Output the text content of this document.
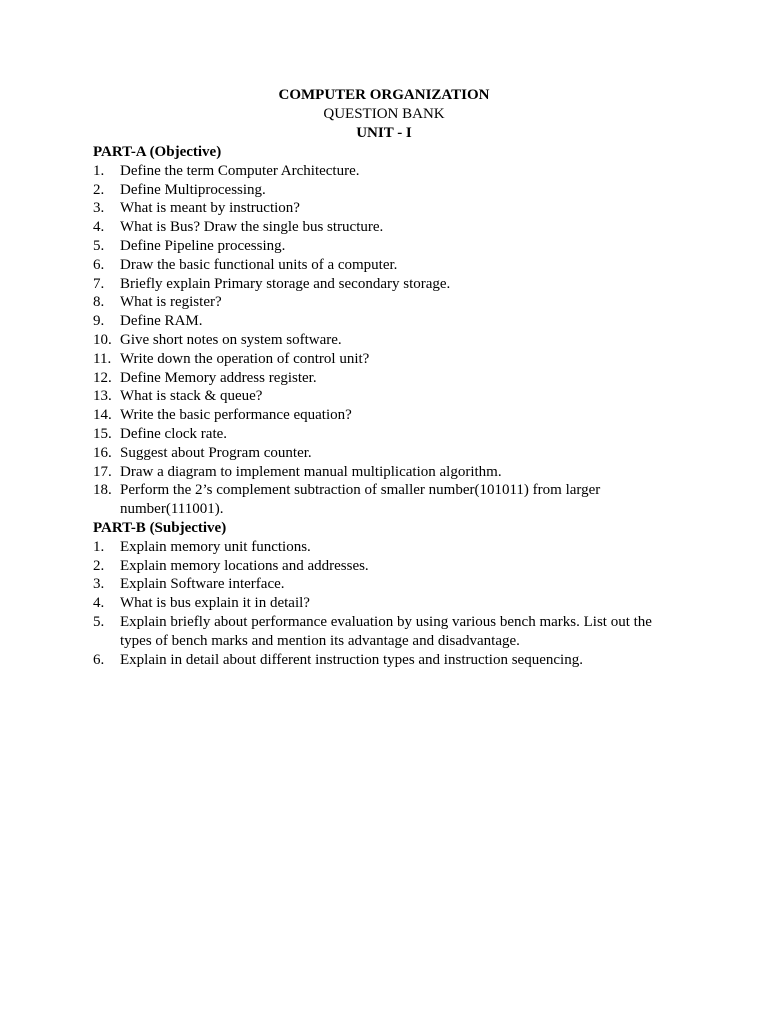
COMPUTER ORGANIZATION
QUESTION BANK
UNIT - I
PART-A (Objective)
1.	Define the term Computer Architecture.
2.	Define Multiprocessing.
3.	What is meant by instruction?
4.	What is Bus? Draw the single bus structure.
5.	Define Pipeline processing.
6.	Draw the basic functional units of a computer.
7.	Briefly explain Primary storage and secondary storage.
8.	What is register?
9.	Define RAM.
10. Give short notes on system software.
11. Write down the operation of control unit?
12. Define Memory address register.
13. What is stack & queue?
14. Write the basic performance equation?
15. Define clock rate.
16. Suggest about Program counter.
17. Draw a diagram to implement manual multiplication algorithm.
18. Perform the 2’s complement subtraction of smaller number(101011) from larger number(111001).
PART-B (Subjective)
1.	Explain memory unit functions.
2.	Explain memory locations and addresses.
3.	Explain Software interface.
4.	What is bus explain it in detail?
5.	Explain briefly about performance evaluation by using various bench marks. List out the types of bench marks and mention its advantage and disadvantage.
6.	Explain in detail about different instruction types and instruction sequencing.
